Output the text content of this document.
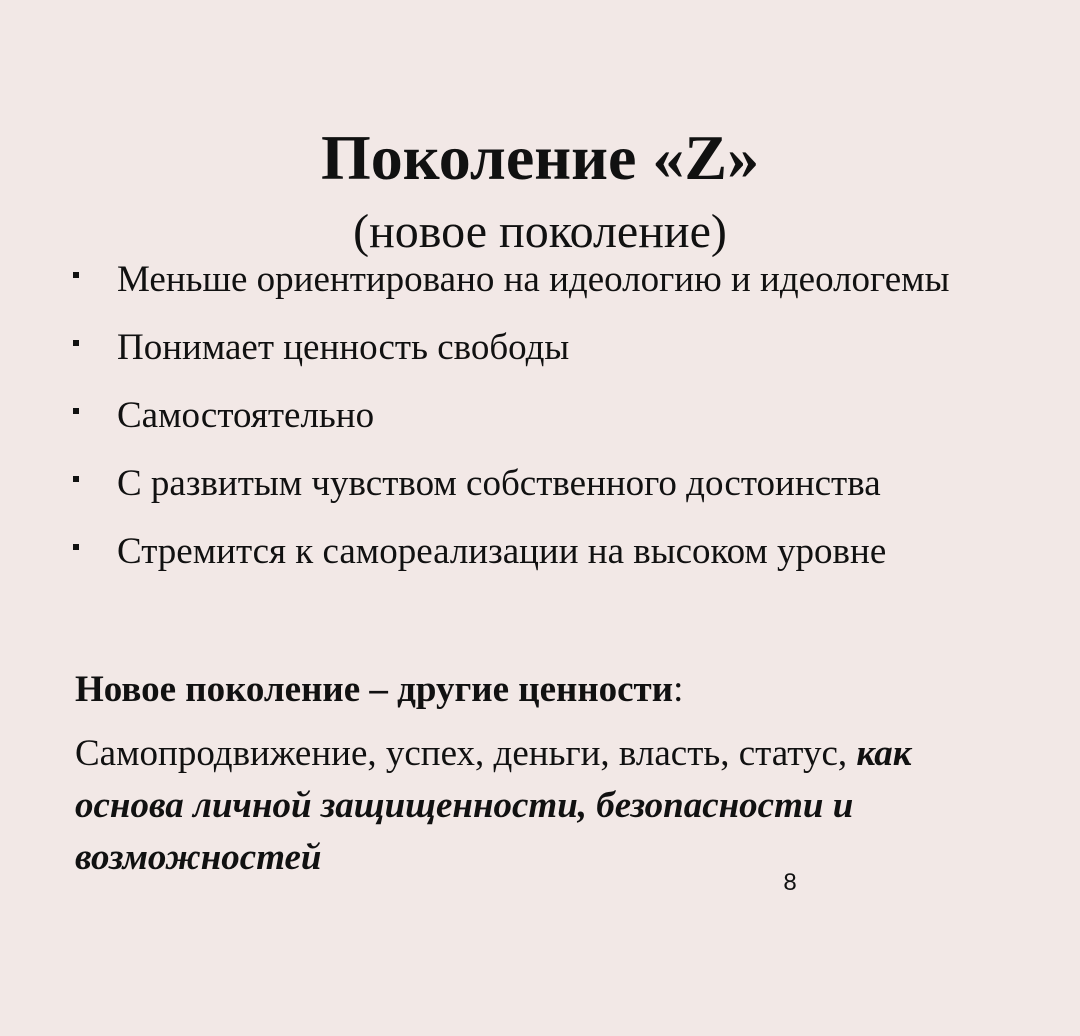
Поколение «Z»

(новое поколение)

Меньше ориентировано на идеологию и идеологемы
Понимает ценность свободы
Самостоятельно
С развитым чувством собственного достоинства
Стремится к самореализации на высоком уровне

Новое поколение – другие ценности:

Самопродвижение, успех, деньги, власть, статус, как основа личной защищенности, безопасности и возможностей

8
